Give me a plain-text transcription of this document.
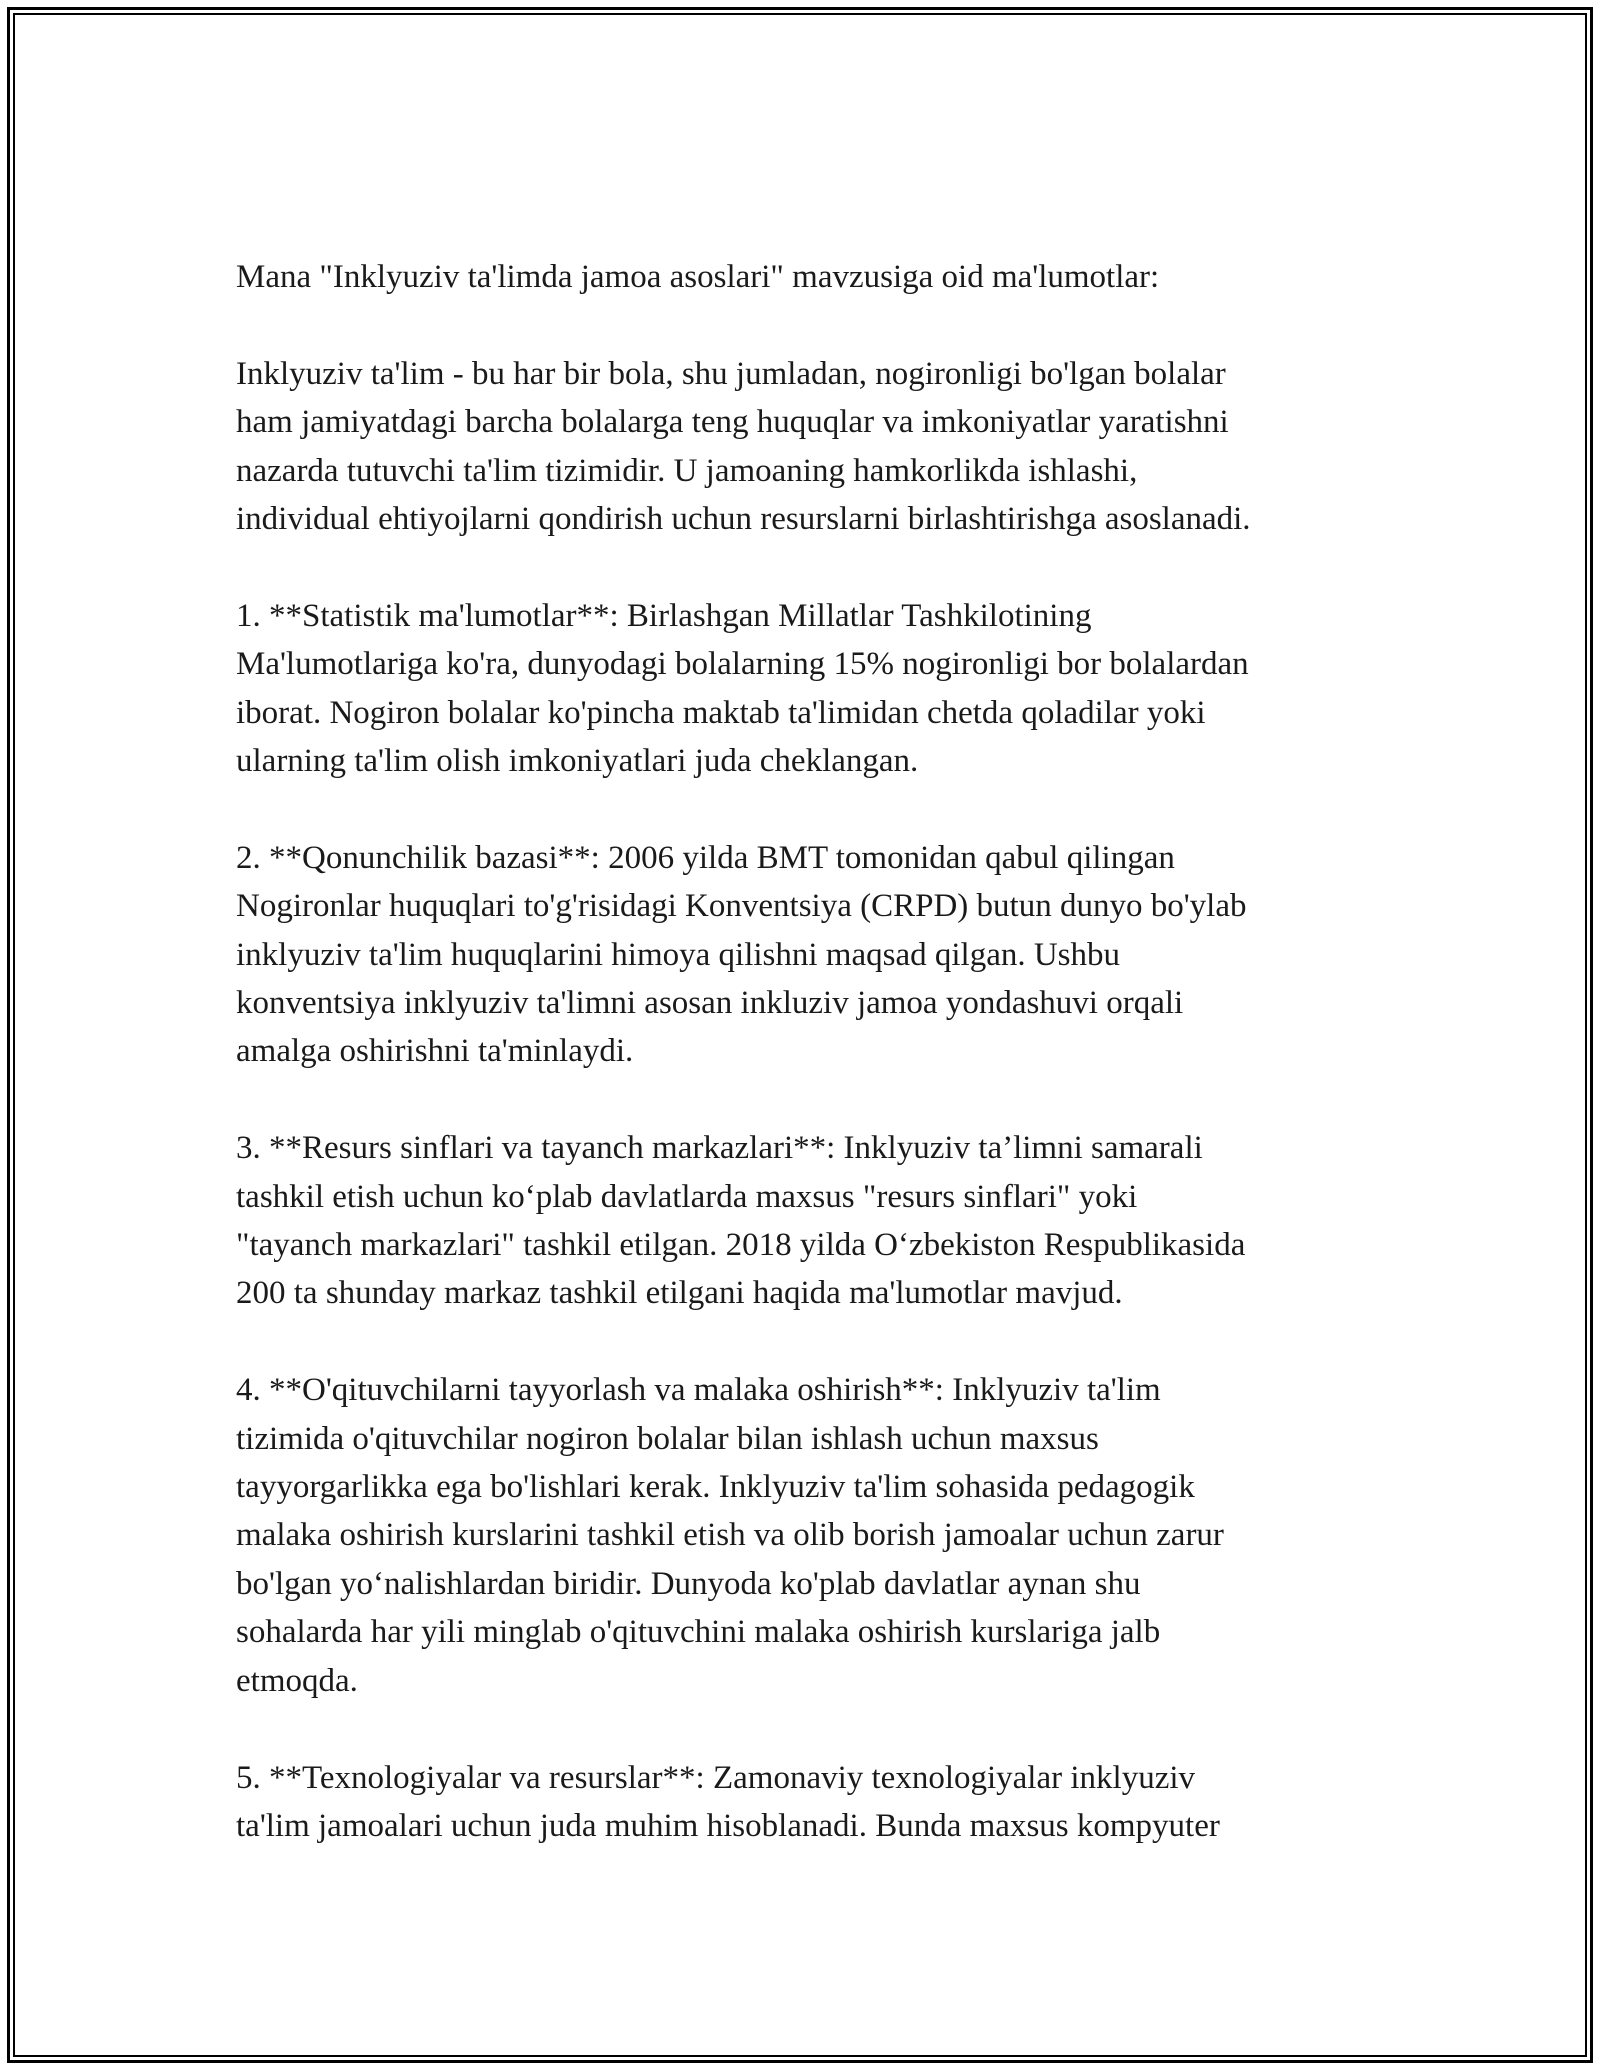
Mana "Inklyuziv ta'limda jamoa asoslari" mavzusiga oid ma'lumotlar:

Inklyuziv ta'lim - bu har bir bola, shu jumladan, nogironligi bo'lgan bolalar
ham jamiyatdagi barcha bolalarga teng huquqlar va imkoniyatlar yaratishni
nazarda tutuvchi ta'lim tizimidir. U jamoaning hamkorlikda ishlashi,
individual ehtiyojlarni qondirish uchun resurslarni birlashtirishga asoslanadi.

1. **Statistik ma'lumotlar**: Birlashgan Millatlar Tashkilotining
Ma'lumotlariga ko'ra, dunyodagi bolalarning 15% nogironligi bor bolalardan
iborat. Nogiron bolalar ko'pincha maktab ta'limidan chetda qoladilar yoki
ularning ta'lim olish imkoniyatlari juda cheklangan.

2. **Qonunchilik bazasi**: 2006 yilda BMT tomonidan qabul qilingan
Nogironlar huquqlari to'g'risidagi Konventsiya (CRPD) butun dunyo bo'ylab
inklyuziv ta'lim huquqlarini himoya qilishni maqsad qilgan. Ushbu
konventsiya inklyuziv ta'limni asosan inkluziv jamoa yondashuvi orqali
amalga oshirishni ta'minlaydi.

3. **Resurs sinflari va tayanch markazlari**: Inklyuziv ta’limni samarali
tashkil etish uchun ko‘plab davlatlarda maxsus "resurs sinflari" yoki
"tayanch markazlari" tashkil etilgan. 2018 yilda O‘zbekiston Respublikasida
200 ta shunday markaz tashkil etilgani haqida ma'lumotlar mavjud.

4. **O'qituvchilarni tayyorlash va malaka oshirish**: Inklyuziv ta'lim
tizimida o'qituvchilar nogiron bolalar bilan ishlash uchun maxsus
tayyorgarlikka ega bo'lishlari kerak. Inklyuziv ta'lim sohasida pedagogik
malaka oshirish kurslarini tashkil etish va olib borish jamoalar uchun zarur
bo'lgan yo‘nalishlardan biridir. Dunyoda ko'plab davlatlar aynan shu
sohalarda har yili minglab o'qituvchini malaka oshirish kurslariga jalb
etmoqda.

5. **Texnologiyalar va resurslar**: Zamonaviy texnologiyalar inklyuziv
ta'lim jamoalari uchun juda muhim hisoblanadi. Bunda maxsus kompyuter
